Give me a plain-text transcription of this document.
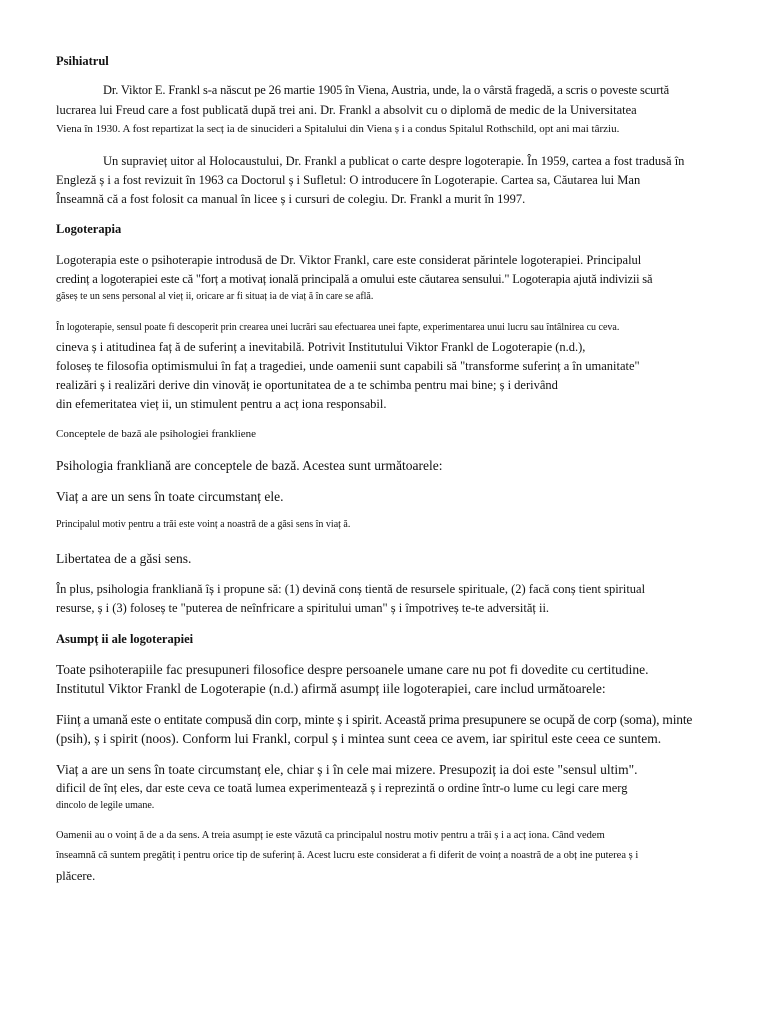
Psihiatrul
Dr. Viktor E. Frankl s-a născut pe 26 martie 1905 în Viena, Austria, unde, la o vârstă fragedă, a scris o poveste scurtă
lucrarea lui Freud care a fost publicată după trei ani. Dr. Frankl a absolvit cu o diplomă de medic de la Universitatea
Viena în 1930. A fost repartizat la secț ia de sinucideri a Spitalului din Viena ș i a condus Spitalul Rothschild, opt ani mai târziu.
Un supravieț uitor al Holocaustului, Dr. Frankl a publicat o carte despre logoterapie. În 1959, cartea a fost tradusă în
Engleză ș i a fost revizuit în 1963 ca Doctorul ș i Sufletul: O introducere în Logoterapie. Cartea sa, Căutarea lui Man
Înseamnă că a fost folosit ca manual în licee ș i cursuri de colegiu. Dr. Frankl a murit în 1997.
Logoterapia
Logoterapia este o psihoterapie introdusă de Dr. Viktor Frankl, care este considerat părintele logoterapiei. Principalul
credinț a logoterapiei este că "forț a motivaț ională principală a omului este căutarea sensului." Logoterapia ajută indivizii să
găseș te un sens personal al vieț ii, oricare ar fi situaț ia de viaț ă în care se află.
În logoterapie, sensul poate fi descoperit prin crearea unei lucrări sau efectuarea unei fapte, experimentarea unui lucru sau întâlnirea cu ceva.
cineva ș i atitudinea faț ă de suferinț a inevitabilă. Potrivit Institutului Viktor Frankl de Logoterapie (n.d.),
foloseș te filosofia optimismului în faț a tragediei, unde oamenii sunt capabili să "transforme suferinț a în umanitate"
realizări ș i realizări derive din vinovăț ie oportunitatea de a te schimba pentru mai bine; ș i derivând
din efemeritatea vieț ii, un stimulent pentru a acț iona responsabil.
Conceptele de bază ale psihologiei frankliene
Psihologia frankliană are conceptele de bază. Acestea sunt următoarele:
Viaț a are un sens în toate circumstanț ele.
Principalul motiv pentru a trăi este voinț a noastră de a găsi sens în viaț ă.
Libertatea de a găsi sens.
În plus, psihologia frankliană îș i propune să: (1) devină conș tientă de resursele spirituale, (2) facă conș tient spiritual
resurse, ș i (3) foloseș te "puterea de neînfricare a spiritului uman" ș i împotriveș te-te adversităț ii.
Asumpț ii ale logoterapiei
Toate psihoterapiile fac presupuneri filosofice despre persoanele umane care nu pot fi dovedite cu certitudine.
Institutul Viktor Frankl de Logoterapie (n.d.) afirmă asumpț iile logoterapiei, care includ următoarele:
Ființ a umană este o entitate compusă din corp, minte ș i spirit. Această prima presupunere se ocupă de corp (soma), minte
(psih), ș i spirit (noos). Conform lui Frankl, corpul ș i mintea sunt ceea ce avem, iar spiritul este ceea ce suntem.
Viaț a are un sens în toate circumstanț ele, chiar ș i în cele mai mizere. Presupoziț ia doi este "sensul ultim".
dificil de înț eles, dar este ceva ce toată lumea experimentează ș i reprezintă o ordine într-o lume cu legi care merg
dincolo de legile umane.
Oamenii au o voinț ă de a da sens. A treia asumpț ie este văzută ca principalul nostru motiv pentru a trăi ș i a acț iona. Când vedem
înseamnă că suntem pregătiț i pentru orice tip de suferinț ă. Acest lucru este considerat a fi diferit de voinț a noastră de a obț ine puterea ș i
plăcere.
